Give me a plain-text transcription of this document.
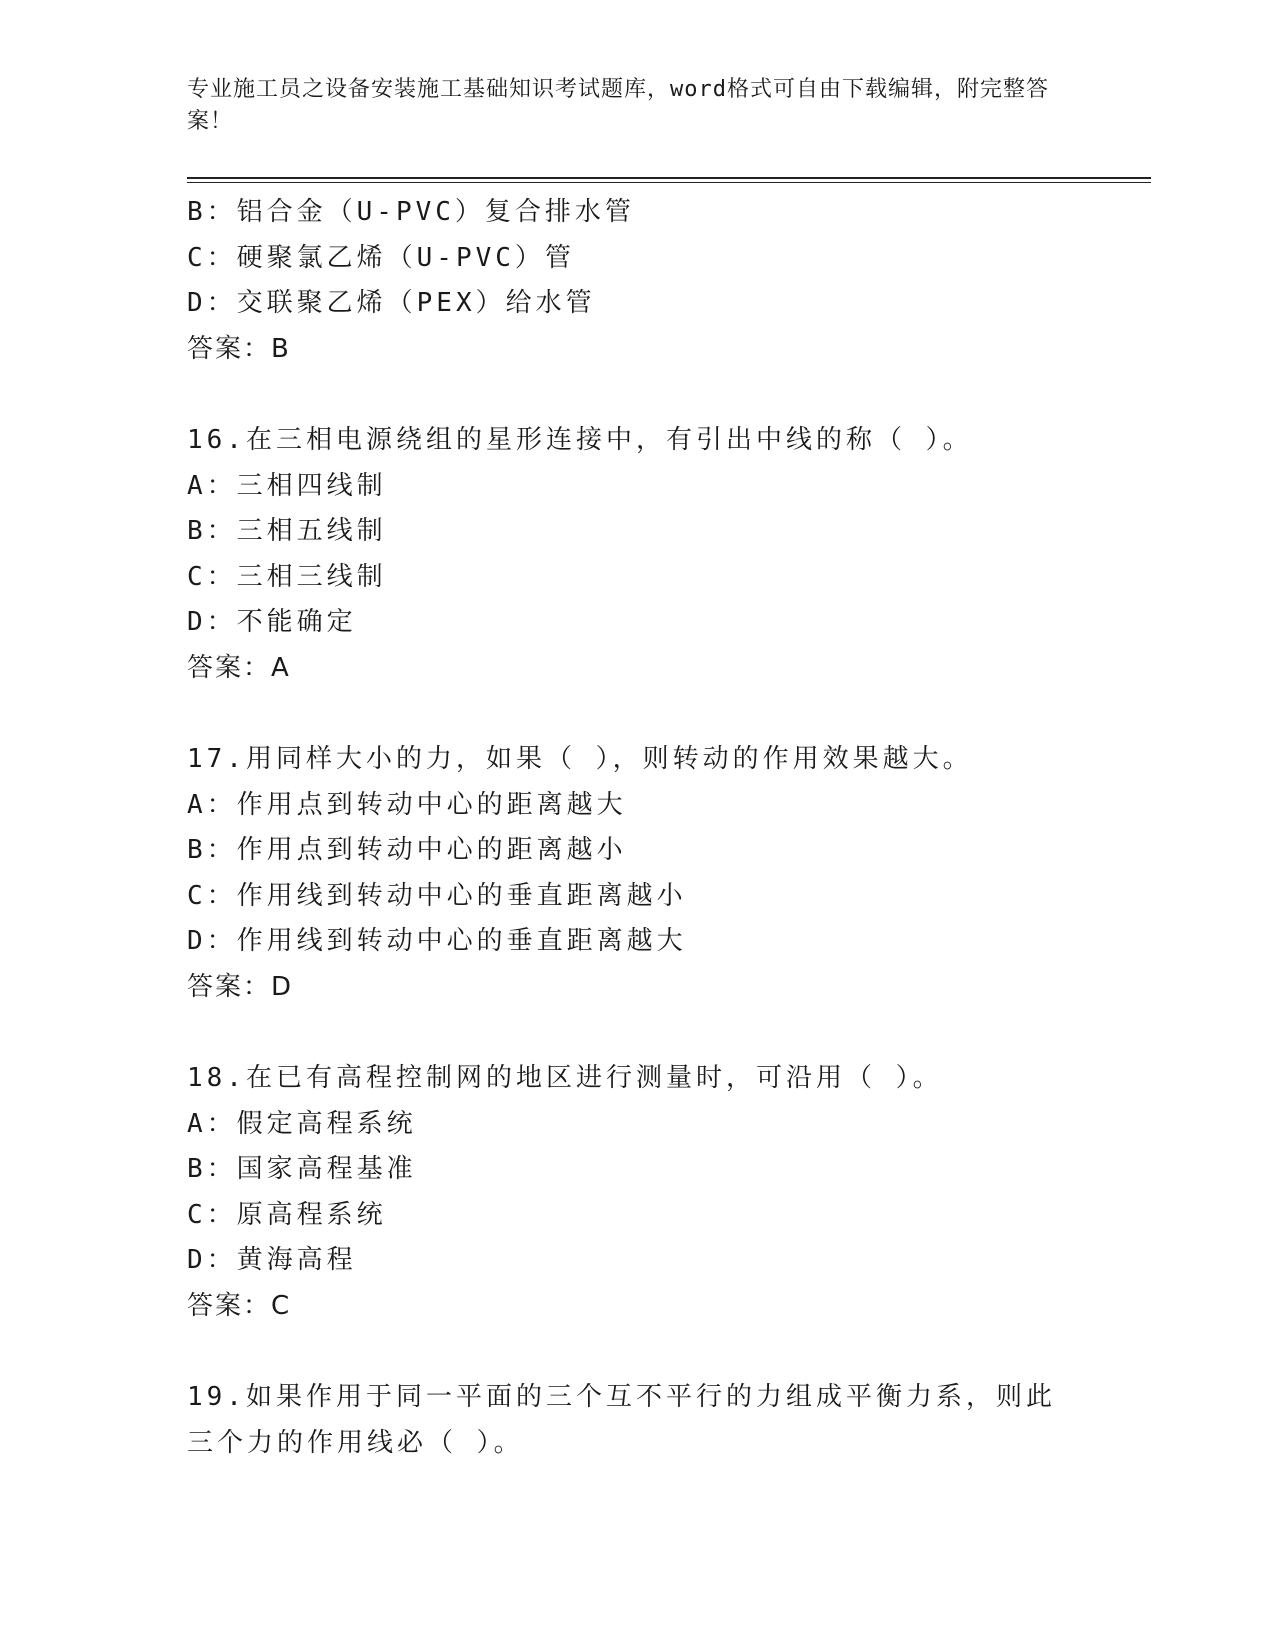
专业施工员之设备安装施工基础知识考试题库，word格式可自由下载编辑，附完整答案！
B：铝合金（U-PVC）复合排水管
C：硬聚氯乙烯（U-PVC）管
D：交联聚乙烯（PEX）给水管
答案：B
16.在三相电源绕组的星形连接中，有引出中线的称（ ）。
A：三相四线制
B：三相五线制
C：三相三线制
D：不能确定
答案：A
17.用同样大小的力，如果（ ），则转动的作用效果越大。
A：作用点到转动中心的距离越大
B：作用点到转动中心的距离越小
C：作用线到转动中心的垂直距离越小
D：作用线到转动中心的垂直距离越大
答案：D
18.在已有高程控制网的地区进行测量时，可沿用（ ）。
A：假定高程系统
B：国家高程基准
C：原高程系统
D：黄海高程
答案：C
19.如果作用于同一平面的三个互不平行的力组成平衡力系，则此三个力的作用线必（ ）。
